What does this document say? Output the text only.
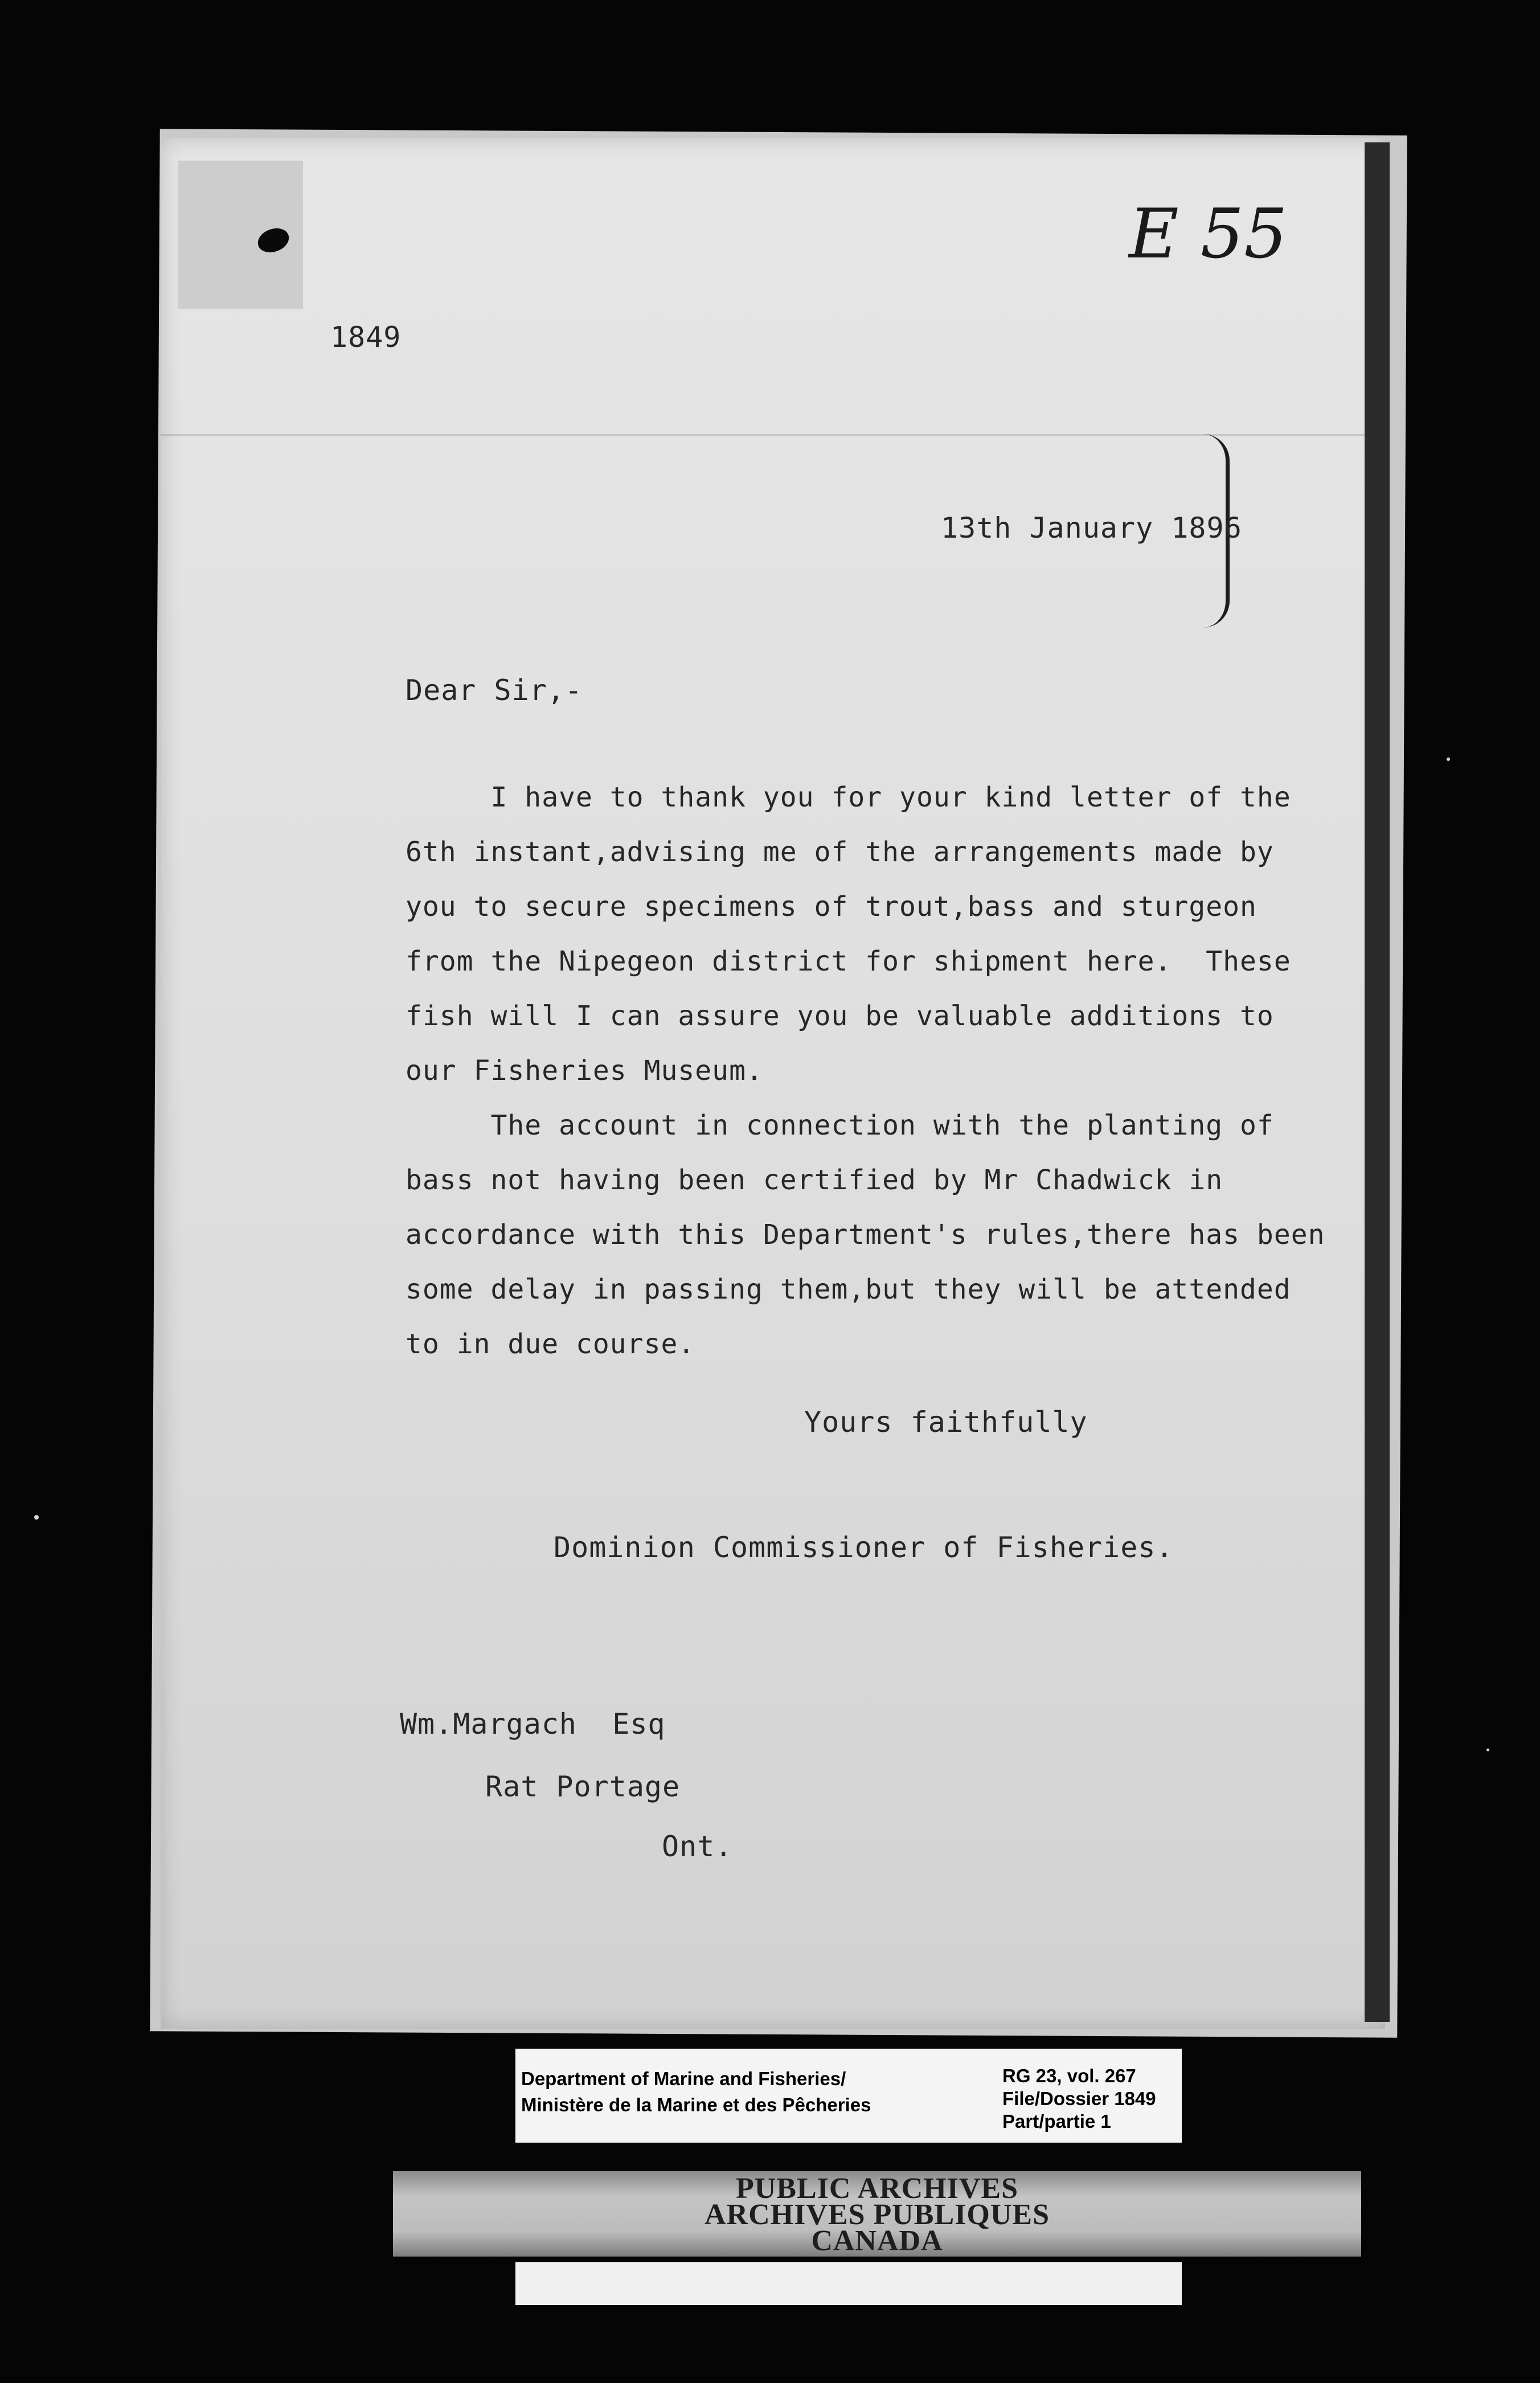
1849
E 55
13th January 1896
Dear Sir,-
I have to thank you for your kind letter of the
6th instant,advising me of the arrangements made by
you to secure specimens of trout,bass and sturgeon
from the Nipegeon district for shipment here.  These
fish will I can assure you be valuable additions to
our Fisheries Museum.
The account in connection with the planting of
bass not having been certified by Mr Chadwick in
accordance with this Department's rules,there has been
some delay in passing them,but they will be attended
to in due course.
Yours faithfully
Dominion Commissioner of Fisheries.
Wm.Margach  Esq
Rat Portage
Ont.
Department of Marine and Fisheries/
Ministère de la Marine et des Pêcheries
RG 23, vol. 267
File/Dossier 1849
Part/partie 1
PUBLIC ARCHIVES
ARCHIVES PUBLIQUES
CANADA
